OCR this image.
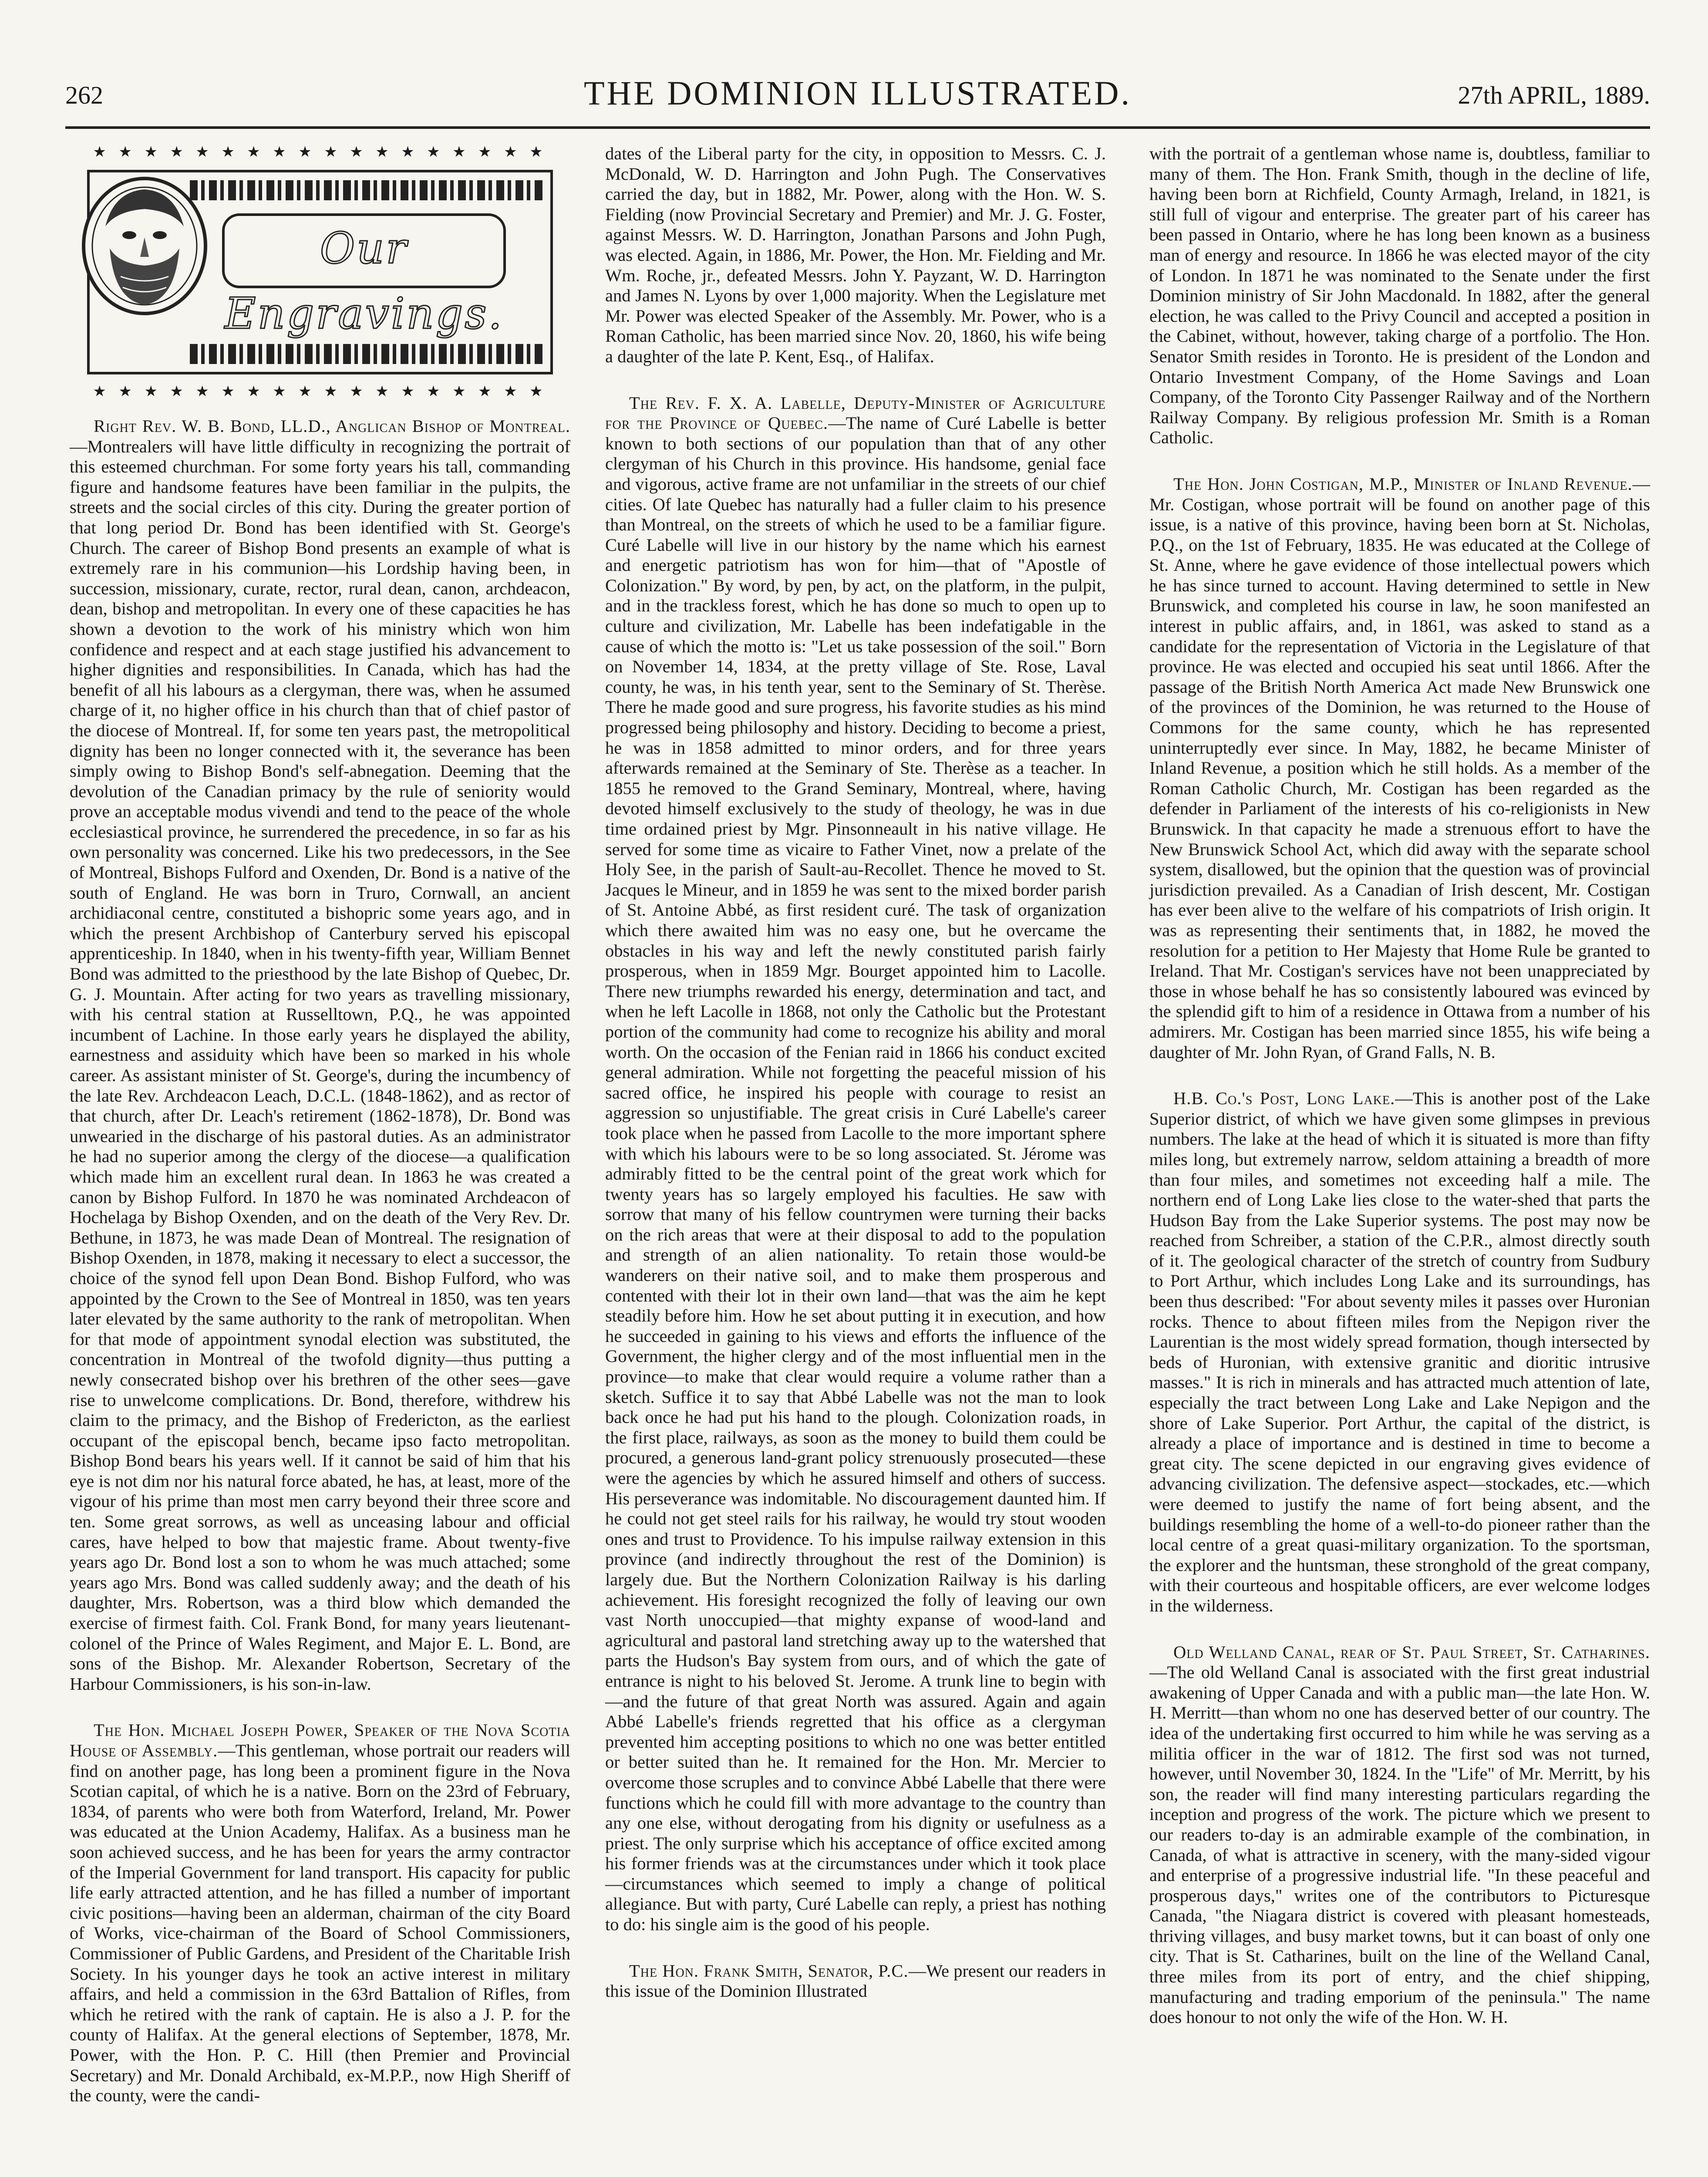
262	THE DOMINION ILLUSTRATED.	27th APRIL, 1889.
★ ★ ★ ★ ★ ★ ★ ★ ★ ★ ★ ★ ★ ★ ★ ★ ★ ★
Our Engravings.
★ ★ ★ ★ ★ ★ ★ ★ ★ ★ ★ ★ ★ ★ ★ ★ ★ ★

Right Rev. W. B. Bond, LL.D., Anglican Bishop of Montreal.—Montrealers will have little difficulty in recognizing the portrait of this esteemed churchman. For some forty years his tall, commanding figure and handsome features have been familiar in the pulpits, the streets and the social circles of this city. During the greater portion of that long period Dr. Bond has been identified with St. George's Church. The career of Bishop Bond presents an example of what is extremely rare in his communion—his Lordship having been, in succession, missionary, curate, rector, rural dean, canon, archdeacon, dean, bishop and metropolitan. In every one of these capacities he has shown a devotion to the work of his ministry which won him confidence and respect and at each stage justified his advancement to higher dignities and responsibilities. In Canada, which has had the benefit of all his labours as a clergyman, there was, when he assumed charge of it, no higher office in his church than that of chief pastor of the diocese of Montreal. If, for some ten years past, the metropolitical dignity has been no longer connected with it, the severance has been simply owing to Bishop Bond's self-abnegation. Deeming that the devolution of the Canadian primacy by the rule of seniority would prove an acceptable modus vivendi and tend to the peace of the whole ecclesiastical province, he surrendered the precedence, in so far as his own personality was concerned. Like his two predecessors, in the See of Montreal, Bishops Fulford and Oxenden, Dr. Bond is a native of the south of England. He was born in Truro, Cornwall, an ancient archidiaconal centre, constituted a bishopric some years ago, and in which the present Archbishop of Canterbury served his episcopal apprenticeship. In 1840, when in his twenty-fifth year, William Bennet Bond was admitted to the priesthood by the late Bishop of Quebec, Dr. G. J. Mountain. After acting for two years as travelling missionary, with his central station at Russelltown, P.Q., he was appointed incumbent of Lachine. In those early years he displayed the ability, earnestness and assiduity which have been so marked in his whole career. As assistant minister of St. George's, during the incumbency of the late Rev. Archdeacon Leach, D.C.L. (1848-1862), and as rector of that church, after Dr. Leach's retirement (1862-1878), Dr. Bond was unwearied in the discharge of his pastoral duties. As an administrator he had no superior among the clergy of the diocese—a qualification which made him an excellent rural dean. In 1863 he was created a canon by Bishop Fulford. In 1870 he was nominated Archdeacon of Hochelaga by Bishop Oxenden, and on the death of the Very Rev. Dr. Bethune, in 1873, he was made Dean of Montreal. The resignation of Bishop Oxenden, in 1878, making it necessary to elect a successor, the choice of the synod fell upon Dean Bond. Bishop Fulford, who was appointed by the Crown to the See of Montreal in 1850, was ten years later elevated by the same authority to the rank of metropolitan. When for that mode of appointment synodal election was substituted, the concentration in Montreal of the twofold dignity—thus putting a newly consecrated bishop over his brethren of the other sees—gave rise to unwelcome complications. Dr. Bond, therefore, withdrew his claim to the primacy, and the Bishop of Fredericton, as the earliest occupant of the episcopal bench, became ipso facto metropolitan. Bishop Bond bears his years well. If it cannot be said of him that his eye is not dim nor his natural force abated, he has, at least, more of the vigour of his prime than most men carry beyond their three score and ten. Some great sorrows, as well as unceasing labour and official cares, have helped to bow that majestic frame. About twenty-five years ago Dr. Bond lost a son to whom he was much attached; some years ago Mrs. Bond was called suddenly away; and the death of his daughter, Mrs. Robertson, was a third blow which demanded the exercise of firmest faith. Col. Frank Bond, for many years lieutenant-colonel of the Prince of Wales Regiment, and Major E. L. Bond, are sons of the Bishop. Mr. Alexander Robertson, Secretary of the Harbour Commissioners, is his son-in-law.

The Hon. Michael Joseph Power, Speaker of the Nova Scotia House of Assembly.—This gentleman, whose portrait our readers will find on another page, has long been a prominent figure in the Nova Scotian capital, of which he is a native. Born on the 23rd of February, 1834, of parents who were both from Waterford, Ireland, Mr. Power was educated at the Union Academy, Halifax. As a business man he soon achieved success, and he has been for years the army contractor of the Imperial Government for land transport. His capacity for public life early attracted attention, and he has filled a number of important civic positions—having been an alderman, chairman of the city Board of Works, vice-chairman of the Board of School Commissioners, Commissioner of Public Gardens, and President of the Charitable Irish Society. In his younger days he took an active interest in military affairs, and held a commission in the 63rd Battalion of Rifles, from which he retired with the rank of captain. He is also a J. P. for the county of Halifax. At the general elections of September, 1878, Mr. Power, with the Hon. P. C. Hill (then Premier and Provincial Secretary) and Mr. Donald Archibald, ex-M.P.P., now High Sheriff of the county, were the candi-

dates of the Liberal party for the city, in opposition to Messrs. C. J. McDonald, W. D. Harrington and John Pugh. The Conservatives carried the day, but in 1882, Mr. Power, along with the Hon. W. S. Fielding (now Provincial Secretary and Premier) and Mr. J. G. Foster, against Messrs. W. D. Harrington, Jonathan Parsons and John Pugh, was elected. Again, in 1886, Mr. Power, the Hon. Mr. Fielding and Mr. Wm. Roche, jr., defeated Messrs. John Y. Payzant, W. D. Harrington and James N. Lyons by over 1,000 majority. When the Legislature met Mr. Power was elected Speaker of the Assembly. Mr. Power, who is a Roman Catholic, has been married since Nov. 20, 1860, his wife being a daughter of the late P. Kent, Esq., of Halifax.

The Rev. F. X. A. Labelle, Deputy-Minister of Agriculture for the Province of Quebec.—The name of Curé Labelle is better known to both sections of our population than that of any other clergyman of his Church in this province. His handsome, genial face and vigorous, active frame are not unfamiliar in the streets of our chief cities. Of late Quebec has naturally had a fuller claim to his presence than Montreal, on the streets of which he used to be a familiar figure. Curé Labelle will live in our history by the name which his earnest and energetic patriotism has won for him—that of "Apostle of Colonization." By word, by pen, by act, on the platform, in the pulpit, and in the trackless forest, which he has done so much to open up to culture and civilization, Mr. Labelle has been indefatigable in the cause of which the motto is: "Let us take possession of the soil." Born on November 14, 1834, at the pretty village of Ste. Rose, Laval county, he was, in his tenth year, sent to the Seminary of St. Therèse. There he made good and sure progress, his favorite studies as his mind progressed being philosophy and history. Deciding to become a priest, he was in 1858 admitted to minor orders, and for three years afterwards remained at the Seminary of Ste. Therèse as a teacher. In 1855 he removed to the Grand Seminary, Montreal, where, having devoted himself exclusively to the study of theology, he was in due time ordained priest by Mgr. Pinsonneault in his native village. He served for some time as vicaire to Father Vinet, now a prelate of the Holy See, in the parish of Sault-au-Recollet. Thence he moved to St. Jacques le Mineur, and in 1859 he was sent to the mixed border parish of St. Antoine Abbé, as first resident curé. The task of organization which there awaited him was no easy one, but he overcame the obstacles in his way and left the newly constituted parish fairly prosperous, when in 1859 Mgr. Bourget appointed him to Lacolle. There new triumphs rewarded his energy, determination and tact, and when he left Lacolle in 1868, not only the Catholic but the Protestant portion of the community had come to recognize his ability and moral worth. On the occasion of the Fenian raid in 1866 his conduct excited general admiration. While not forgetting the peaceful mission of his sacred office, he inspired his people with courage to resist an aggression so unjustifiable. The great crisis in Curé Labelle's career took place when he passed from Lacolle to the more important sphere with which his labours were to be so long associated. St. Jérome was admirably fitted to be the central point of the great work which for twenty years has so largely employed his faculties. He saw with sorrow that many of his fellow countrymen were turning their backs on the rich areas that were at their disposal to add to the population and strength of an alien nationality. To retain those would-be wanderers on their native soil, and to make them prosperous and contented with their lot in their own land—that was the aim he kept steadily before him. How he set about putting it in execution, and how he succeeded in gaining to his views and efforts the influence of the Government, the higher clergy and of the most influential men in the province—to make that clear would require a volume rather than a sketch. Suffice it to say that Abbé Labelle was not the man to look back once he had put his hand to the plough. Colonization roads, in the first place, railways, as soon as the money to build them could be procured, a generous land-grant policy strenuously prosecuted—these were the agencies by which he assured himself and others of success. His perseverance was indomitable. No discouragement daunted him. If he could not get steel rails for his railway, he would try stout wooden ones and trust to Providence. To his impulse railway extension in this province (and indirectly throughout the rest of the Dominion) is largely due. But the Northern Colonization Railway is his darling achievement. His foresight recognized the folly of leaving our own vast North unoccupied—that mighty expanse of wood-land and agricultural and pastoral land stretching away up to the watershed that parts the Hudson's Bay system from ours, and of which the gate of entrance is night to his beloved St. Jerome. A trunk line to begin with—and the future of that great North was assured. Again and again Abbé Labelle's friends regretted that his office as a clergyman prevented him accepting positions to which no one was better entitled or better suited than he. It remained for the Hon. Mr. Mercier to overcome those scruples and to convince Abbé Labelle that there were functions which he could fill with more advantage to the country than any one else, without derogating from his dignity or usefulness as a priest. The only surprise which his acceptance of office excited among his former friends was at the circumstances under which it took place—circumstances which seemed to imply a change of political allegiance. But with party, Curé Labelle can reply, a priest has nothing to do: his single aim is the good of his people.

The Hon. Frank Smith, Senator, P.C.—We present our readers in this issue of the Dominion Illustrated

with the portrait of a gentleman whose name is, doubtless, familiar to many of them. The Hon. Frank Smith, though in the decline of life, having been born at Richfield, County Armagh, Ireland, in 1821, is still full of vigour and enterprise. The greater part of his career has been passed in Ontario, where he has long been known as a business man of energy and resource. In 1866 he was elected mayor of the city of London. In 1871 he was nominated to the Senate under the first Dominion ministry of Sir John Macdonald. In 1882, after the general election, he was called to the Privy Council and accepted a position in the Cabinet, without, however, taking charge of a portfolio. The Hon. Senator Smith resides in Toronto. He is president of the London and Ontario Investment Company, of the Home Savings and Loan Company, of the Toronto City Passenger Railway and of the Northern Railway Company. By religious profession Mr. Smith is a Roman Catholic.

The Hon. John Costigan, M.P., Minister of Inland Revenue.—Mr. Costigan, whose portrait will be found on another page of this issue, is a native of this province, having been born at St. Nicholas, P.Q., on the 1st of February, 1835. He was educated at the College of St. Anne, where he gave evidence of those intellectual powers which he has since turned to account. Having determined to settle in New Brunswick, and completed his course in law, he soon manifested an interest in public affairs, and, in 1861, was asked to stand as a candidate for the representation of Victoria in the Legislature of that province. He was elected and occupied his seat until 1866. After the passage of the British North America Act made New Brunswick one of the provinces of the Dominion, he was returned to the House of Commons for the same county, which he has represented uninterruptedly ever since. In May, 1882, he became Minister of Inland Revenue, a position which he still holds. As a member of the Roman Catholic Church, Mr. Costigan has been regarded as the defender in Parliament of the interests of his co-religionists in New Brunswick. In that capacity he made a strenuous effort to have the New Brunswick School Act, which did away with the separate school system, disallowed, but the opinion that the question was of provincial jurisdiction prevailed. As a Canadian of Irish descent, Mr. Costigan has ever been alive to the welfare of his compatriots of Irish origin. It was as representing their sentiments that, in 1882, he moved the resolution for a petition to Her Majesty that Home Rule be granted to Ireland. That Mr. Costigan's services have not been unappreciated by those in whose behalf he has so consistently laboured was evinced by the splendid gift to him of a residence in Ottawa from a number of his admirers. Mr. Costigan has been married since 1855, his wife being a daughter of Mr. John Ryan, of Grand Falls, N. B.

H.B. Co.'s Post, Long Lake.—This is another post of the Lake Superior district, of which we have given some glimpses in previous numbers. The lake at the head of which it is situated is more than fifty miles long, but extremely narrow, seldom attaining a breadth of more than four miles, and sometimes not exceeding half a mile. The northern end of Long Lake lies close to the water-shed that parts the Hudson Bay from the Lake Superior systems. The post may now be reached from Schreiber, a station of the C.P.R., almost directly south of it. The geological character of the stretch of country from Sudbury to Port Arthur, which includes Long Lake and its surroundings, has been thus described: "For about seventy miles it passes over Huronian rocks. Thence to about fifteen miles from the Nepigon river the Laurentian is the most widely spread formation, though intersected by beds of Huronian, with extensive granitic and dioritic intrusive masses." It is rich in minerals and has attracted much attention of late, especially the tract between Long Lake and Lake Nepigon and the shore of Lake Superior. Port Arthur, the capital of the district, is already a place of importance and is destined in time to become a great city. The scene depicted in our engraving gives evidence of advancing civilization. The defensive aspect—stockades, etc.—which were deemed to justify the name of fort being absent, and the buildings resembling the home of a well-to-do pioneer rather than the local centre of a great quasi-military organization. To the sportsman, the explorer and the huntsman, these stronghold of the great company, with their courteous and hospitable officers, are ever welcome lodges in the wilderness.

Old Welland Canal, rear of St. Paul Street, St. Catharines.—The old Welland Canal is associated with the first great industrial awakening of Upper Canada and with a public man—the late Hon. W. H. Merritt—than whom no one has deserved better of our country. The idea of the undertaking first occurred to him while he was serving as a militia officer in the war of 1812. The first sod was not turned, however, until November 30, 1824. In the "Life" of Mr. Merritt, by his son, the reader will find many interesting particulars regarding the inception and progress of the work. The picture which we present to our readers to-day is an admirable example of the combination, in Canada, of what is attractive in scenery, with the many-sided vigour and enterprise of a progressive industrial life. "In these peaceful and prosperous days," writes one of the contributors to Picturesque Canada, "the Niagara district is covered with pleasant homesteads, thriving villages, and busy market towns, but it can boast of only one city. That is St. Catharines, built on the line of the Welland Canal, three miles from its port of entry, and the chief shipping, manufacturing and trading emporium of the peninsula." The name does honour to not only the wife of the Hon. W. H.
